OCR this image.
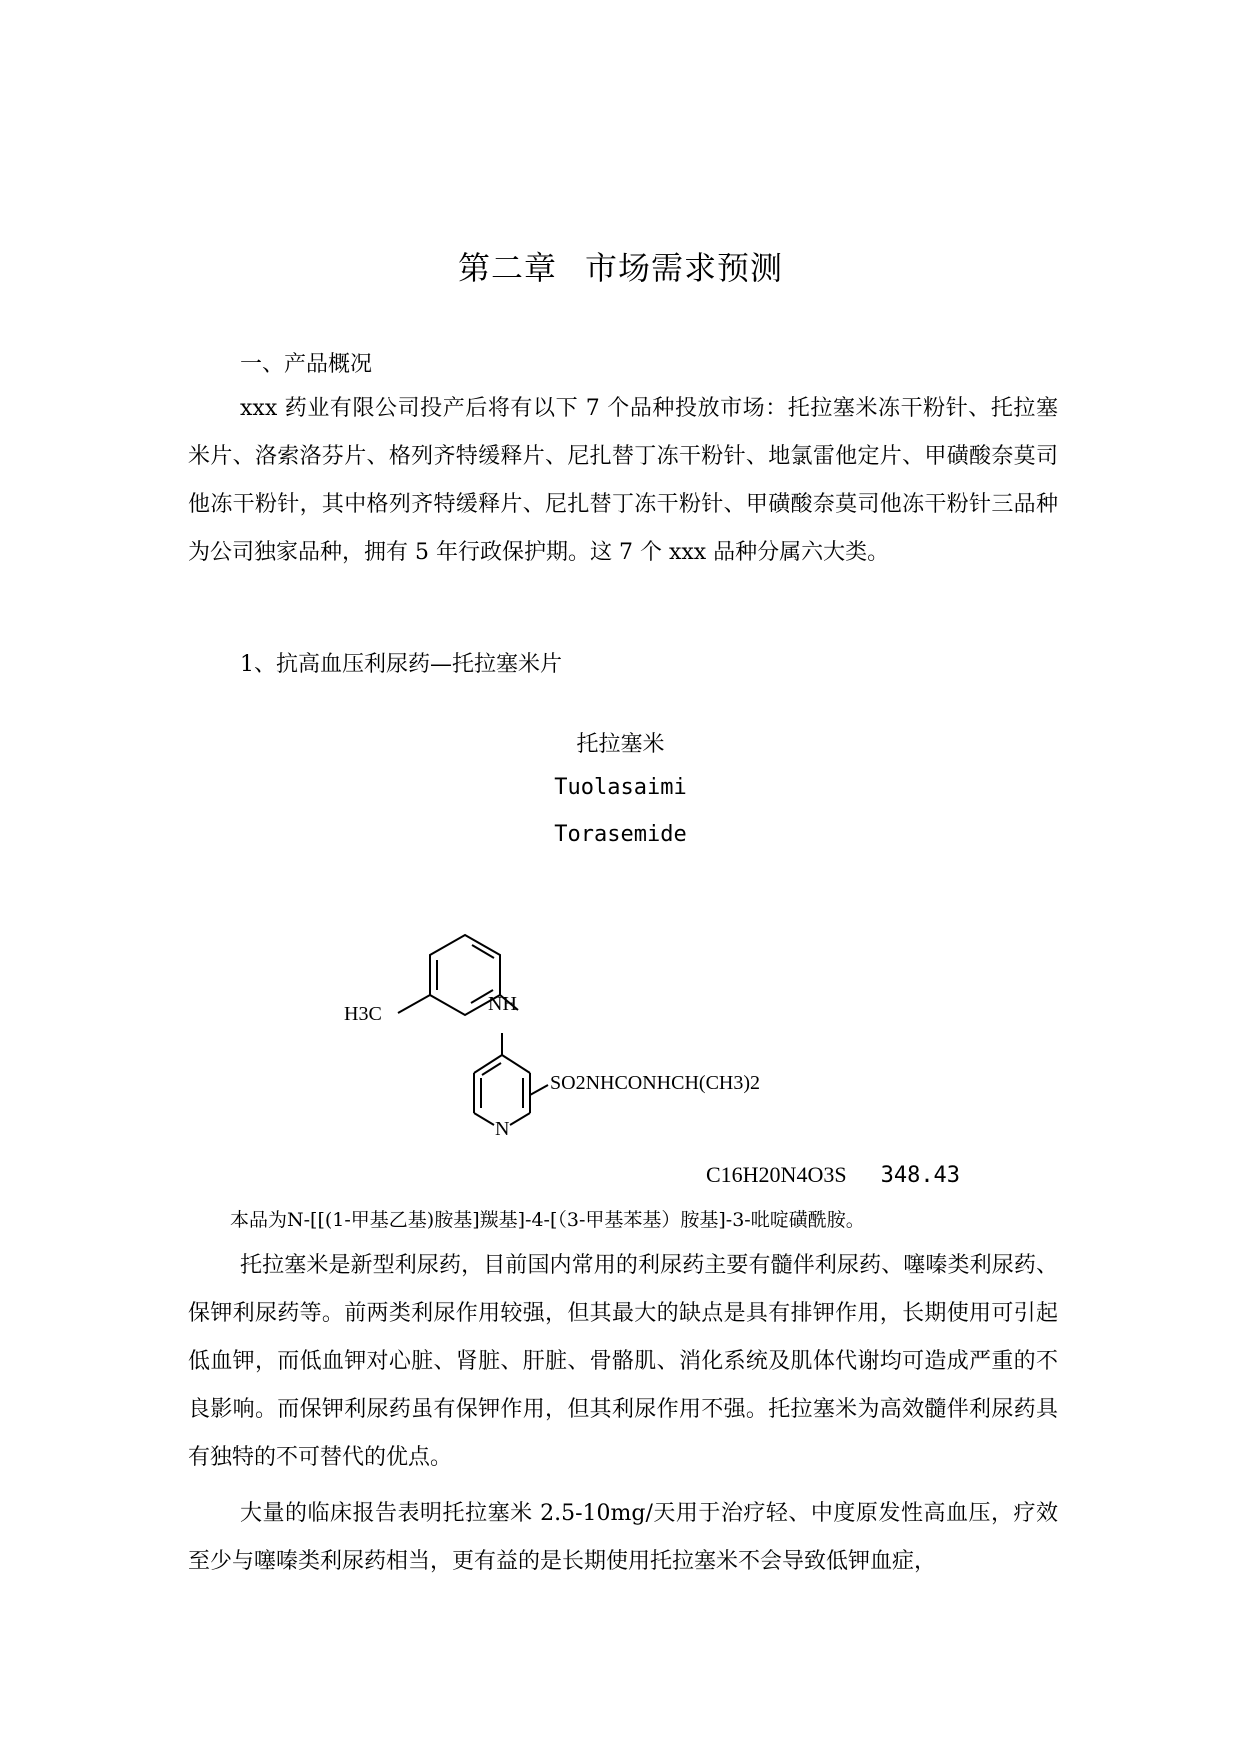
第二章 市场需求预测
一、产品概况

xxx 药业有限公司投产后将有以下 7 个品种投放市场：托拉塞米冻干粉针、托拉塞米片、洛索洛芬片、格列齐特缓释片、尼扎替丁冻干粉针、地氯雷他定片、甲磺酸奈莫司他冻干粉针，其中格列齐特缓释片、尼扎替丁冻干粉针、甲磺酸奈莫司他冻干粉针三品种为公司独家品种，拥有 5 年行政保护期。这 7 个 xxx 品种分属六大类。

1、抗高血压利尿药—托拉塞米片
托拉塞米
Tuolasaimi
Torasemide
H3C	NH
SO2NHCONHCH(CH3)2
N
C16H20N4O3S 348.43
本品为N-[[(1-甲基乙基)胺基]羰基]-4-[（3-甲基苯基）胺基]-3-吡啶磺酰胺。

托拉塞米是新型利尿药，目前国内常用的利尿药主要有髓伴利尿药、噻嗪类利尿药、保钾利尿药等。前两类利尿作用较强，但其最大的缺点是具有排钾作用，长期使用可引起低血钾，而低血钾对心脏、肾脏、肝脏、骨骼肌、消化系统及肌体代谢均可造成严重的不良影响。而保钾利尿药虽有保钾作用，但其利尿作用不强。托拉塞米为高效髓伴利尿药具有独特的不可替代的优点。

大量的临床报告表明托拉塞米 2.5-10mg/天用于治疗轻、中度原发性高血压，疗效至少与噻嗪类利尿药相当，更有益的是长期使用托拉塞米不会导致低钾血症，
